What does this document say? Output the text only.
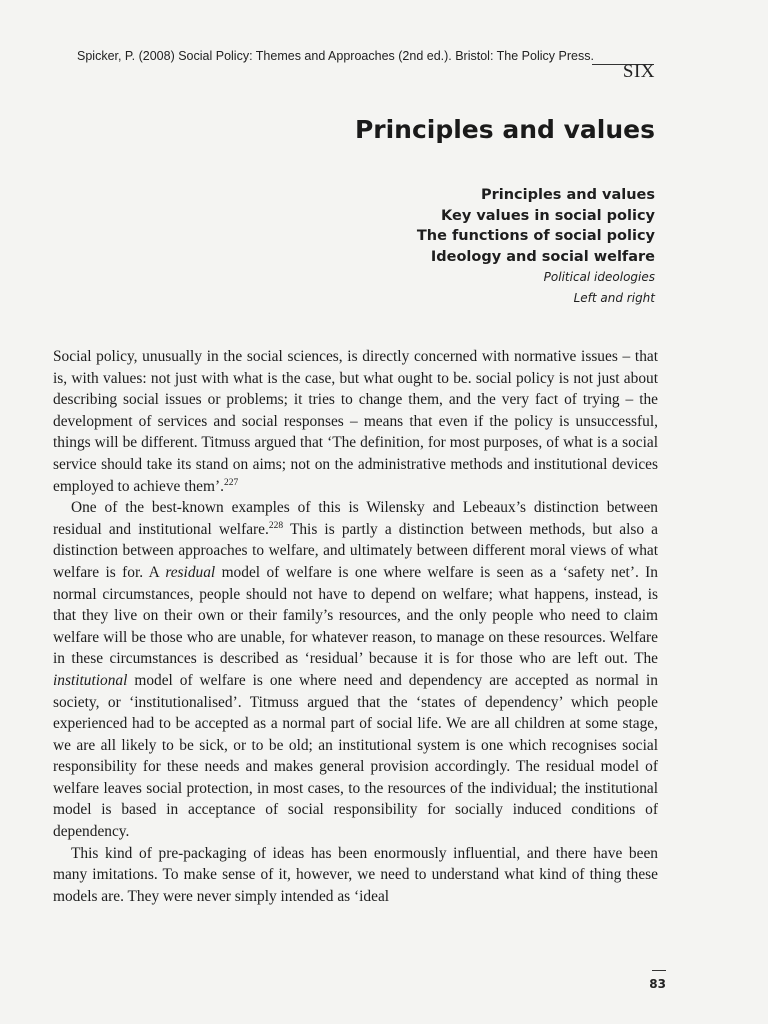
Spicker, P. (2008) Social Policy: Themes and Approaches (2nd ed.). Bristol: The Policy Press.
SIX
Principles and values
Principles and values
Key values in social policy
The functions of social policy
Ideology and social welfare
Political ideologies
Left and right

Social policy, unusually in the social sciences, is directly concerned with normative issues – that is, with values: not just with what is the case, but what ought to be. social policy is not just about describing social issues or problems; it tries to change them, and the very fact of trying – the development of services and social responses – means that even if the policy is unsuccessful, things will be different. Titmuss argued that ‘The definition, for most purposes, of what is a social service should take its stand on aims; not on the administrative methods and institutional devices employed to achieve them’.$^{227}$

One of the best-known examples of this is Wilensky and Lebeaux’s distinction between residual and institutional welfare.$^{228}$ This is partly a distinction between methods, but also a distinction between approaches to welfare, and ultimately between different moral views of what welfare is for. A residual model of welfare is one where welfare is seen as a ‘safety net’. In normal circumstances, people should not have to depend on welfare; what happens, instead, is that they live on their own or their family’s resources, and the only people who need to claim welfare will be those who are unable, for whatever reason, to manage on these resources. Welfare in these circumstances is described as ‘residual’ because it is for those who are left out. The institutional model of welfare is one where need and dependency are accepted as normal in society, or ‘institutionalised’. Titmuss argued that the ‘states of dependency’ which people experienced had to be accepted as a normal part of social life. We are all children at some stage, we are all likely to be sick, or to be old; an institutional system is one which recognises social responsibility for these needs and makes general provision accordingly. The residual model of welfare leaves social protection, in most cases, to the resources of the individual; the institutional model is based in acceptance of social responsibility for socially induced conditions of dependency.

This kind of pre-packaging of ideas has been enormously influential, and there have been many imitations. To make sense of it, however, we need to understand what kind of thing these models are. They were never simply intended as ‘ideal

83
